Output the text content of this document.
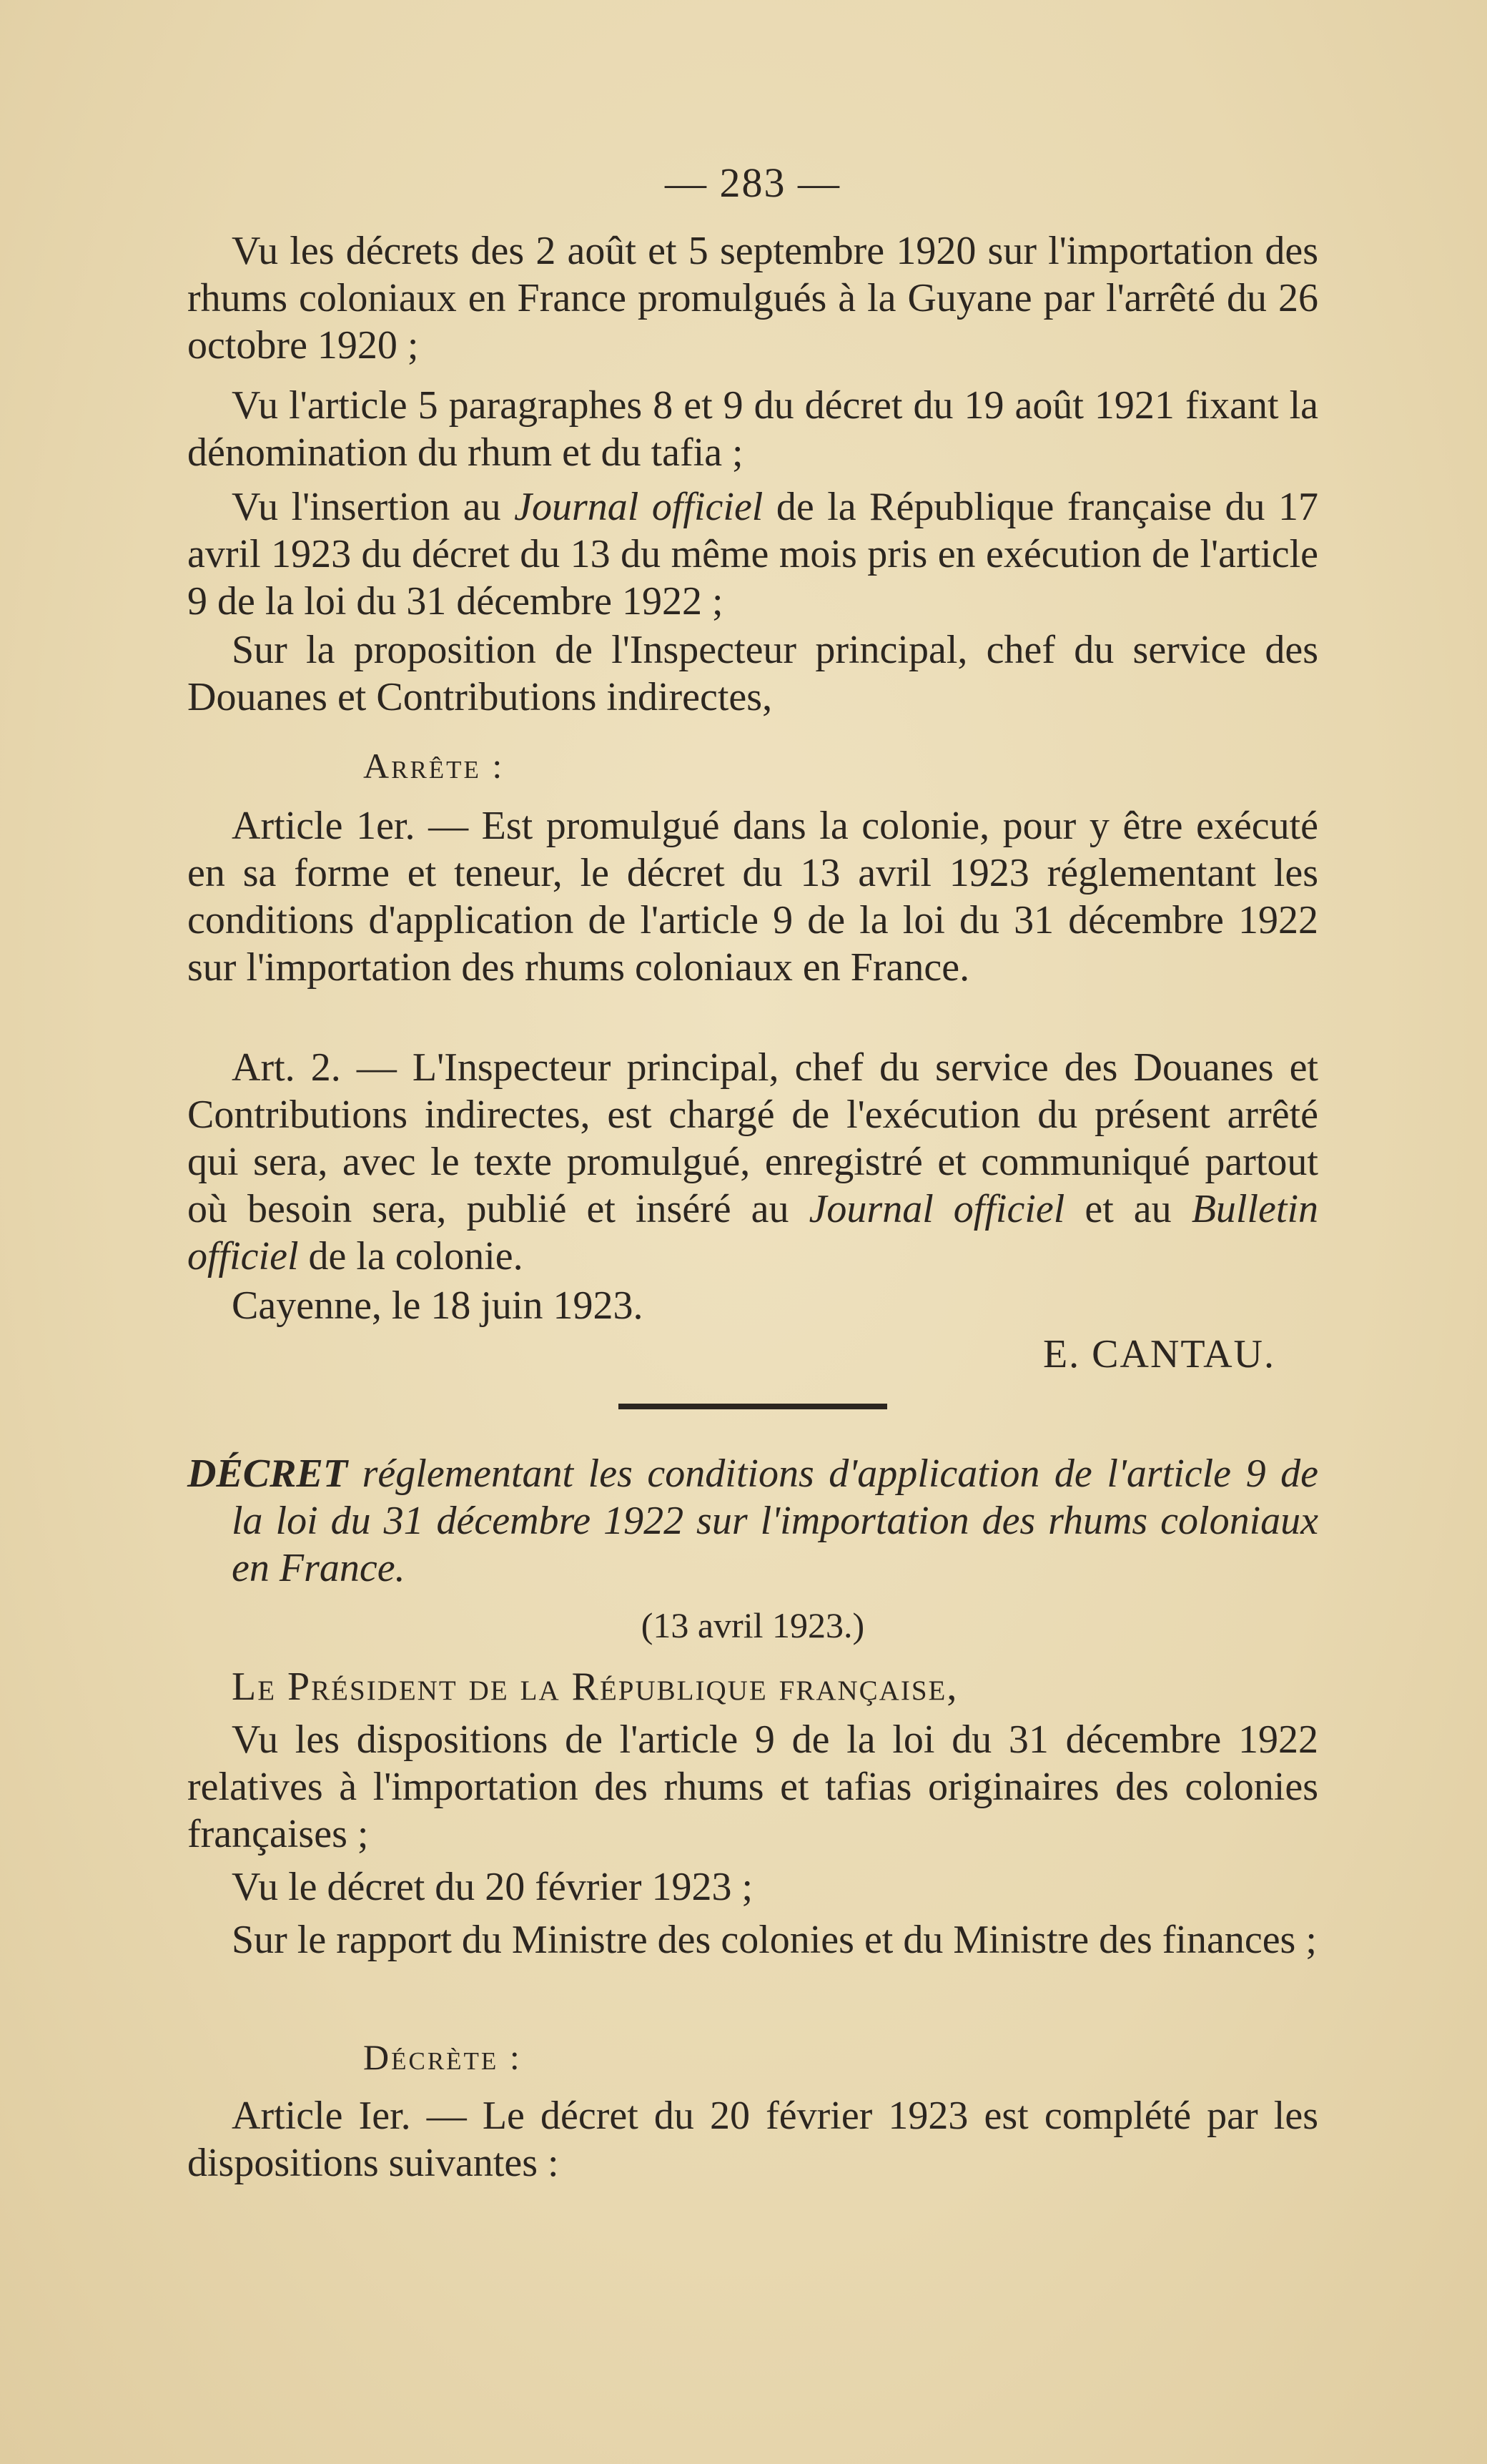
— 283 —

Vu les décrets des 2 août et 5 septembre 1920 sur l'importation des rhums coloniaux en France promulgués à la Guyane par l'arrêté du 26 octobre 1920 ;

Vu l'article 5 paragraphes 8 et 9 du décret du 19 août 1921 fixant la dénomination du rhum et du tafia ;

Vu l'insertion au Journal officiel de la République française du 17 avril 1923 du décret du 13 du même mois pris en exécution de l'article 9 de la loi du 31 décembre 1922 ;

Sur la proposition de l'Inspecteur principal, chef du service des Douanes et Contributions indirectes,

Arrête :

Article 1er. — Est promulgué dans la colonie, pour y être exécuté en sa forme et teneur, le décret du 13 avril 1923 réglementant les conditions d'application de l'article 9 de la loi du 31 décembre 1922 sur l'importation des rhums coloniaux en France.

Art. 2. — L'Inspecteur principal, chef du service des Douanes et Contributions indirectes, est chargé de l'exécution du présent arrêté qui sera, avec le texte promulgué, enregistré et communiqué partout où besoin sera, publié et inséré au Journal officiel et au Bulletin officiel de la colonie.

Cayenne, le 18 juin 1923.

E. CANTAU.

DÉCRET réglementant les conditions d'application de l'article 9 de la loi du 31 décembre 1922 sur l'importation des rhums coloniaux en France.

(13 avril 1923.)

Le Président de la République française,

Vu les dispositions de l'article 9 de la loi du 31 décembre 1922 relatives à l'importation des rhums et tafias originaires des colonies françaises ;

Vu le décret du 20 février 1923 ;

Sur le rapport du Ministre des colonies et du Ministre des finances ;

Décrète :

Article Ier. — Le décret du 20 février 1923 est complété par les dispositions suivantes :
